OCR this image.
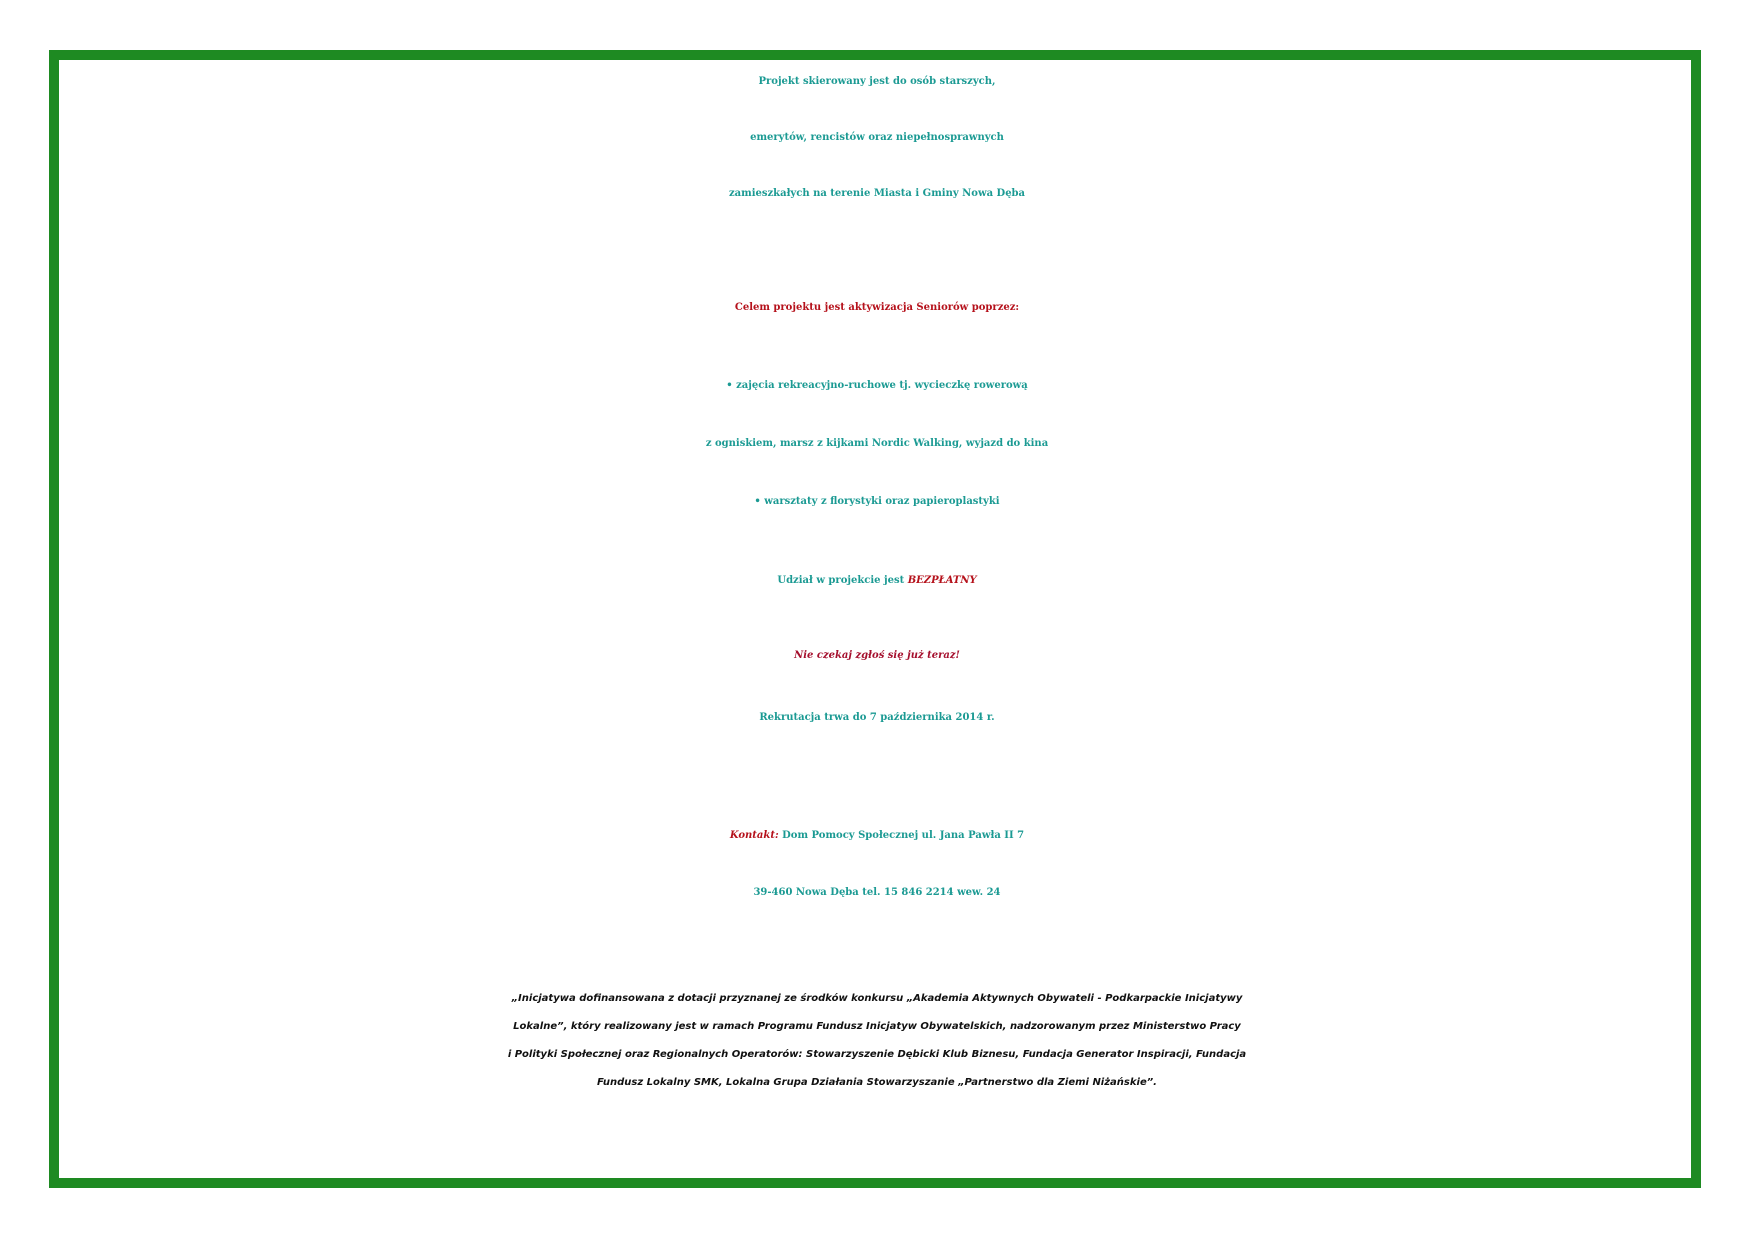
Projekt skierowany jest do osób starszych,
emerytów, rencistów oraz niepełnosprawnych
zamieszkałych na terenie Miasta i Gminy Nowa Dęba
Celem projektu jest aktywizacja Seniorów poprzez:
• zajęcia rekreacyjno-ruchowe tj. wycieczkę rowerową
z ogniskiem, marsz z kijkami Nordic Walking, wyjazd do kina
• warsztaty z florystyki oraz papieroplastyki
Udział w projekcie jest BEZPŁATNY
Nie czekaj zgłoś się już teraz!
Rekrutacja trwa do 7 października 2014 r.
Kontakt: Dom Pomocy Społecznej ul. Jana Pawła II 7
39-460 Nowa Dęba tel. 15 846 2214 wew. 24
„Inicjatywa dofinansowana z dotacji przyznanej ze środków konkursu „Akademia Aktywnych Obywateli - Podkarpackie Inicjatywy
Lokalne”, który realizowany jest w ramach Programu Fundusz Inicjatyw Obywatelskich, nadzorowanym przez Ministerstwo Pracy
i Polityki Społecznej oraz Regionalnych Operatorów: Stowarzyszenie Dębicki Klub Biznesu, Fundacja Generator Inspiracji, Fundacja
Fundusz Lokalny SMK, Lokalna Grupa Działania Stowarzyszanie „Partnerstwo dla Ziemi Niżańskie”.
